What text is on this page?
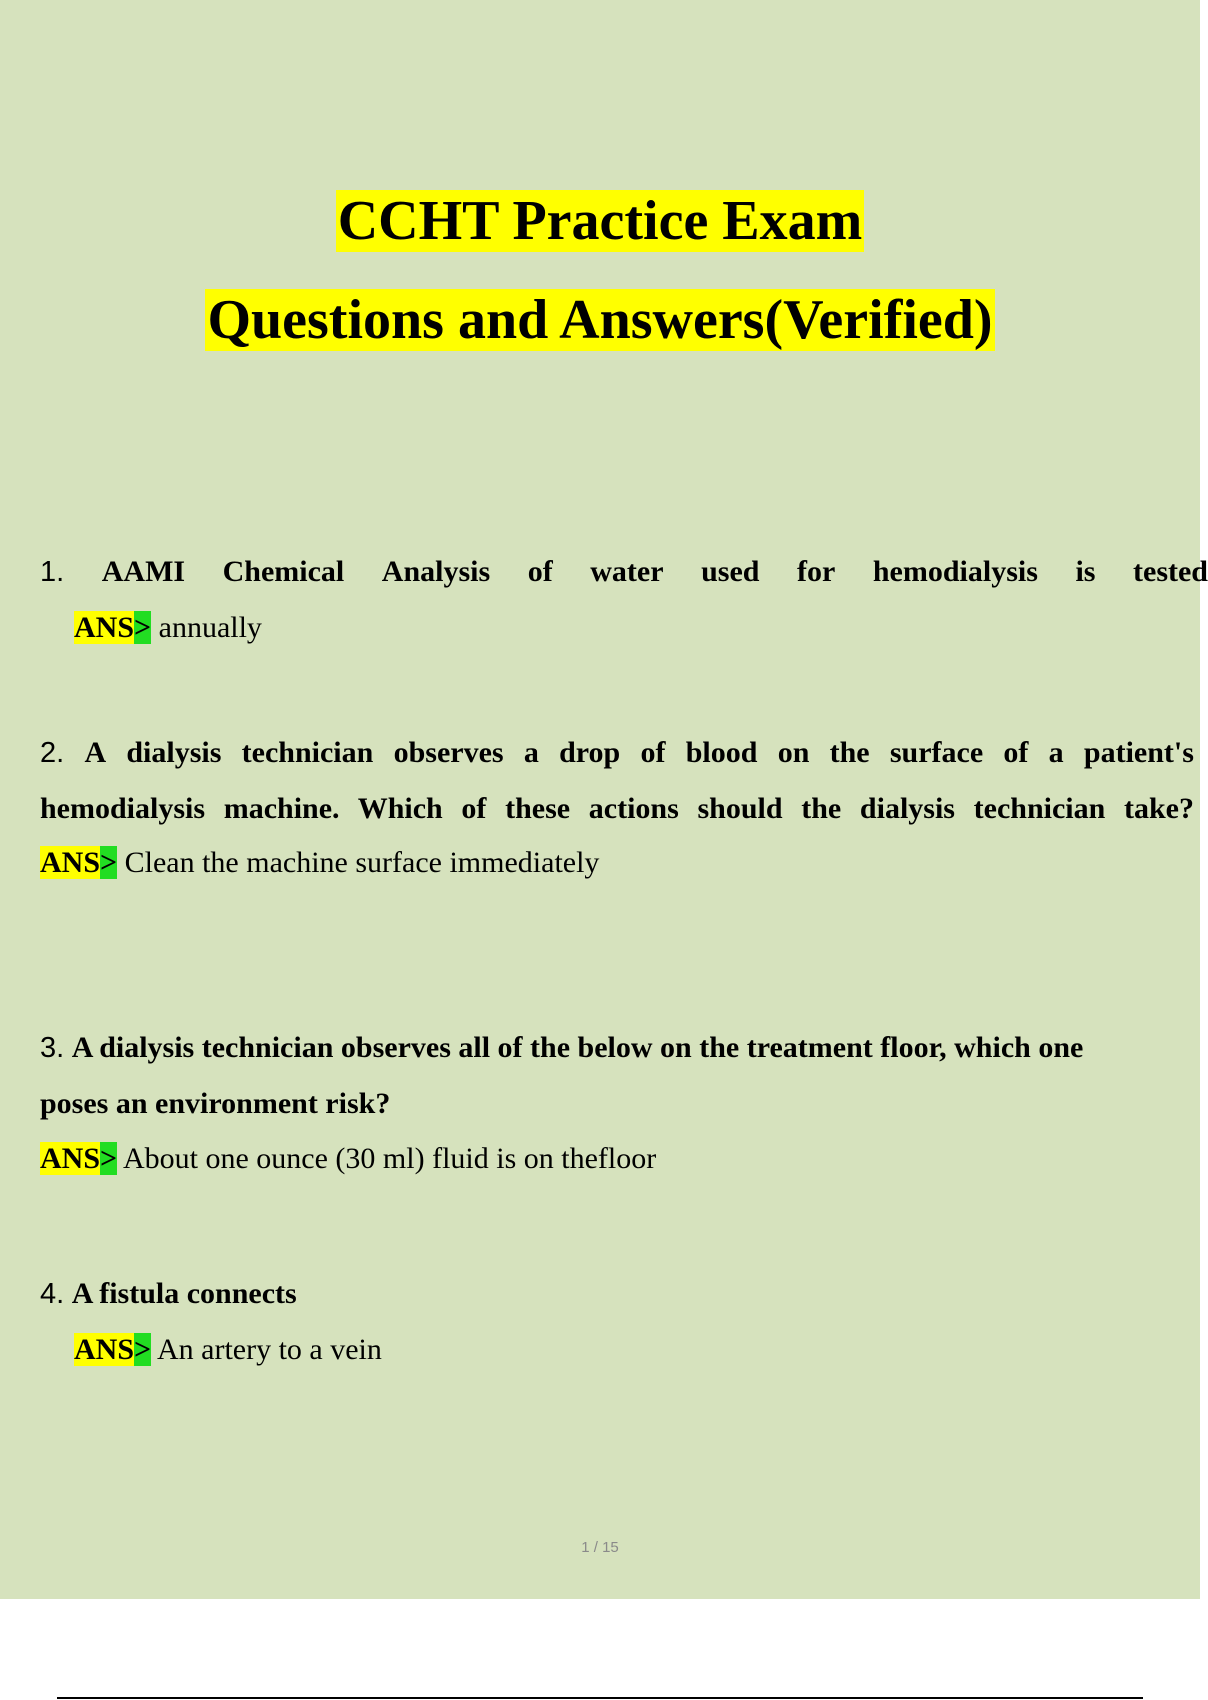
CCHT Practice Exam
Questions and Answers(Verified)
1. AAMI Chemical Analysis of water used for hemodialysis is tested
ANS> annually
2. A dialysis technician observes a drop of blood on the surface of a patient's
hemodialysis machine. Which of these actions should the dialysis technician take?
ANS> Clean the machine surface immediately
3. A dialysis technician observes all of the below on the treatment floor, which one
poses an environment risk?
ANS> About one ounce (30 ml) fluid is on thefloor
4. A fistula connects
ANS> An artery to a vein
1 / 15
